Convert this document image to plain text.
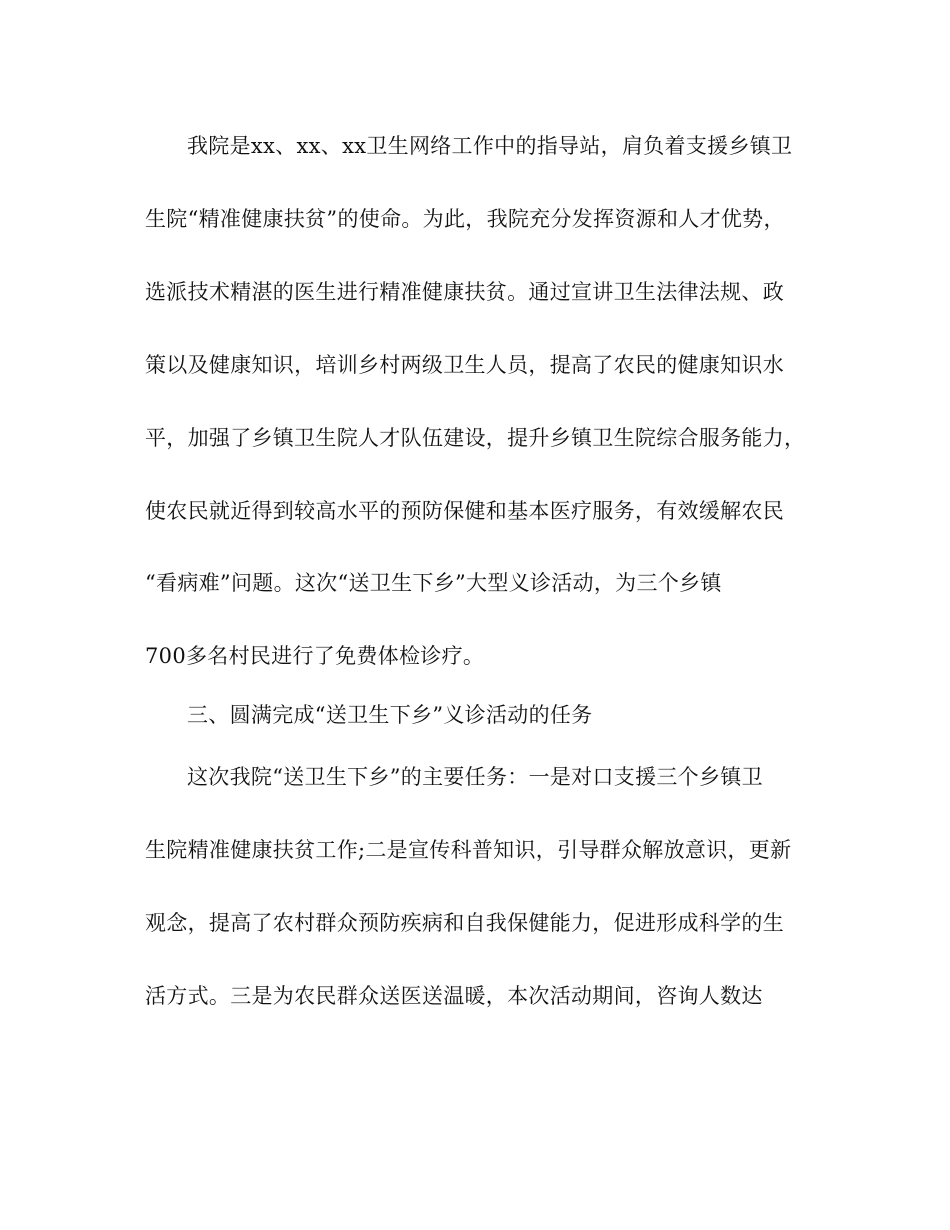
我院是xx、xx、xx卫生网络工作中的指导站，肩负着支援乡镇卫
生院“精准健康扶贫”的使命。为此，我院充分发挥资源和人才优势，
选派技术精湛的医生进行精准健康扶贫。通过宣讲卫生法律法规、政
策以及健康知识，培训乡村两级卫生人员，提高了农民的健康知识水
平，加强了乡镇卫生院人才队伍建设，提升乡镇卫生院综合服务能力，
使农民就近得到较高水平的预防保健和基本医疗服务，有效缓解农民
“看病难”问题。这次“送卫生下乡”大型义诊活动，为三个乡镇
700多名村民进行了免费体检诊疗。
三、圆满完成“送卫生下乡”义诊活动的任务
这次我院“送卫生下乡”的主要任务：一是对口支援三个乡镇卫
生院精准健康扶贫工作;二是宣传科普知识，引导群众解放意识，更新
观念，提高了农村群众预防疾病和自我保健能力，促进形成科学的生
活方式。三是为农民群众送医送温暖，本次活动期间，咨询人数达
